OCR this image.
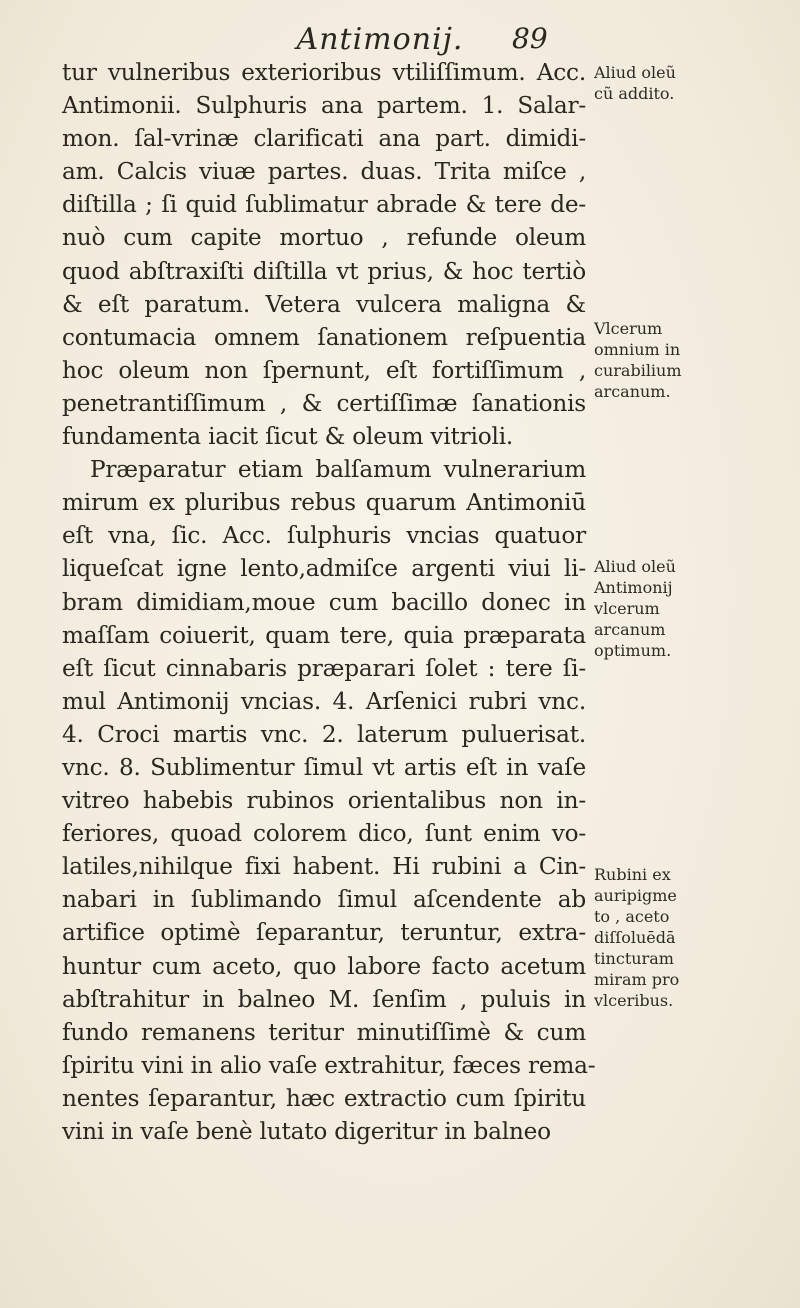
Antimonij. 89
tur vulneribus exterioribus vtiliſſimum. Acc.
Antimonii. Sulphuris ana partem. 1. Salar-
mon. ſal-vrinæ clarificati ana part. dimidi-
am. Calcis viuæ partes. duas. Trita miſce ,
diſtilla ; ſi quid ſublimatur abrade & tere de-
nuò cum capite mortuo , refunde oleum
quod abſtraxiſti diſtilla vt prius, & hoc tertiò
& eſt paratum. Vetera vulcera maligna &
contumacia omnem ſanationem reſpuentia
hoc oleum non ſpernunt, eſt fortiſſimum ,
penetrantiſſimum , & certiſſimæ ſanationis
fundamenta iacit ſicut & oleum vitrioli.
Præparatur etiam balſamum vulnerarium
mirum ex pluribus rebus quarum Antimoniū
eſt vna, ſic. Acc. ſulphuris vncias quatuor
liqueſcat igne lento,admiſce argenti viui li-
bram dimidiam,moue cum bacillo donec in
maſſam coiuerit, quam tere, quia præparata
eſt ſicut cinnabaris præparari ſolet : tere ſi-
mul Antimonij vncias. 4. Arſenici rubri vnc.
4. Croci martis vnc. 2. laterum puluerisat.
vnc. 8. Sublimentur ſimul vt artis eſt in vaſe
vitreo habebis rubinos orientalibus non in-
feriores, quoad colorem dico, ſunt enim vo-
latiles,nihilque fixi habent. Hi rubini a Cin-
nabari in ſublimando ſimul aſcendente ab
artifice optimè ſeparantur, teruntur, extra-
huntur cum aceto, quo labore facto acetum
abſtrahitur in balneo M. ſenſim , puluis in
fundo remanens teritur minutiſſimè & cum
ſpiritu vini in alio vaſe extrahitur, fæces rema-
nentes ſeparantur, hæc extractio cum ſpiritu
vini in vaſe benè lutato digeritur in balneo
Aliud oleũ
cũ addito.
Vlcerum
omnium in
curabilium
arcanum.
Aliud oleũ
Antimonij
vlcerum
arcanum
optimum.
Rubini ex
auripigme
to , aceto
diſſoluēdā
tincturam
miram pro
vlceribus.
